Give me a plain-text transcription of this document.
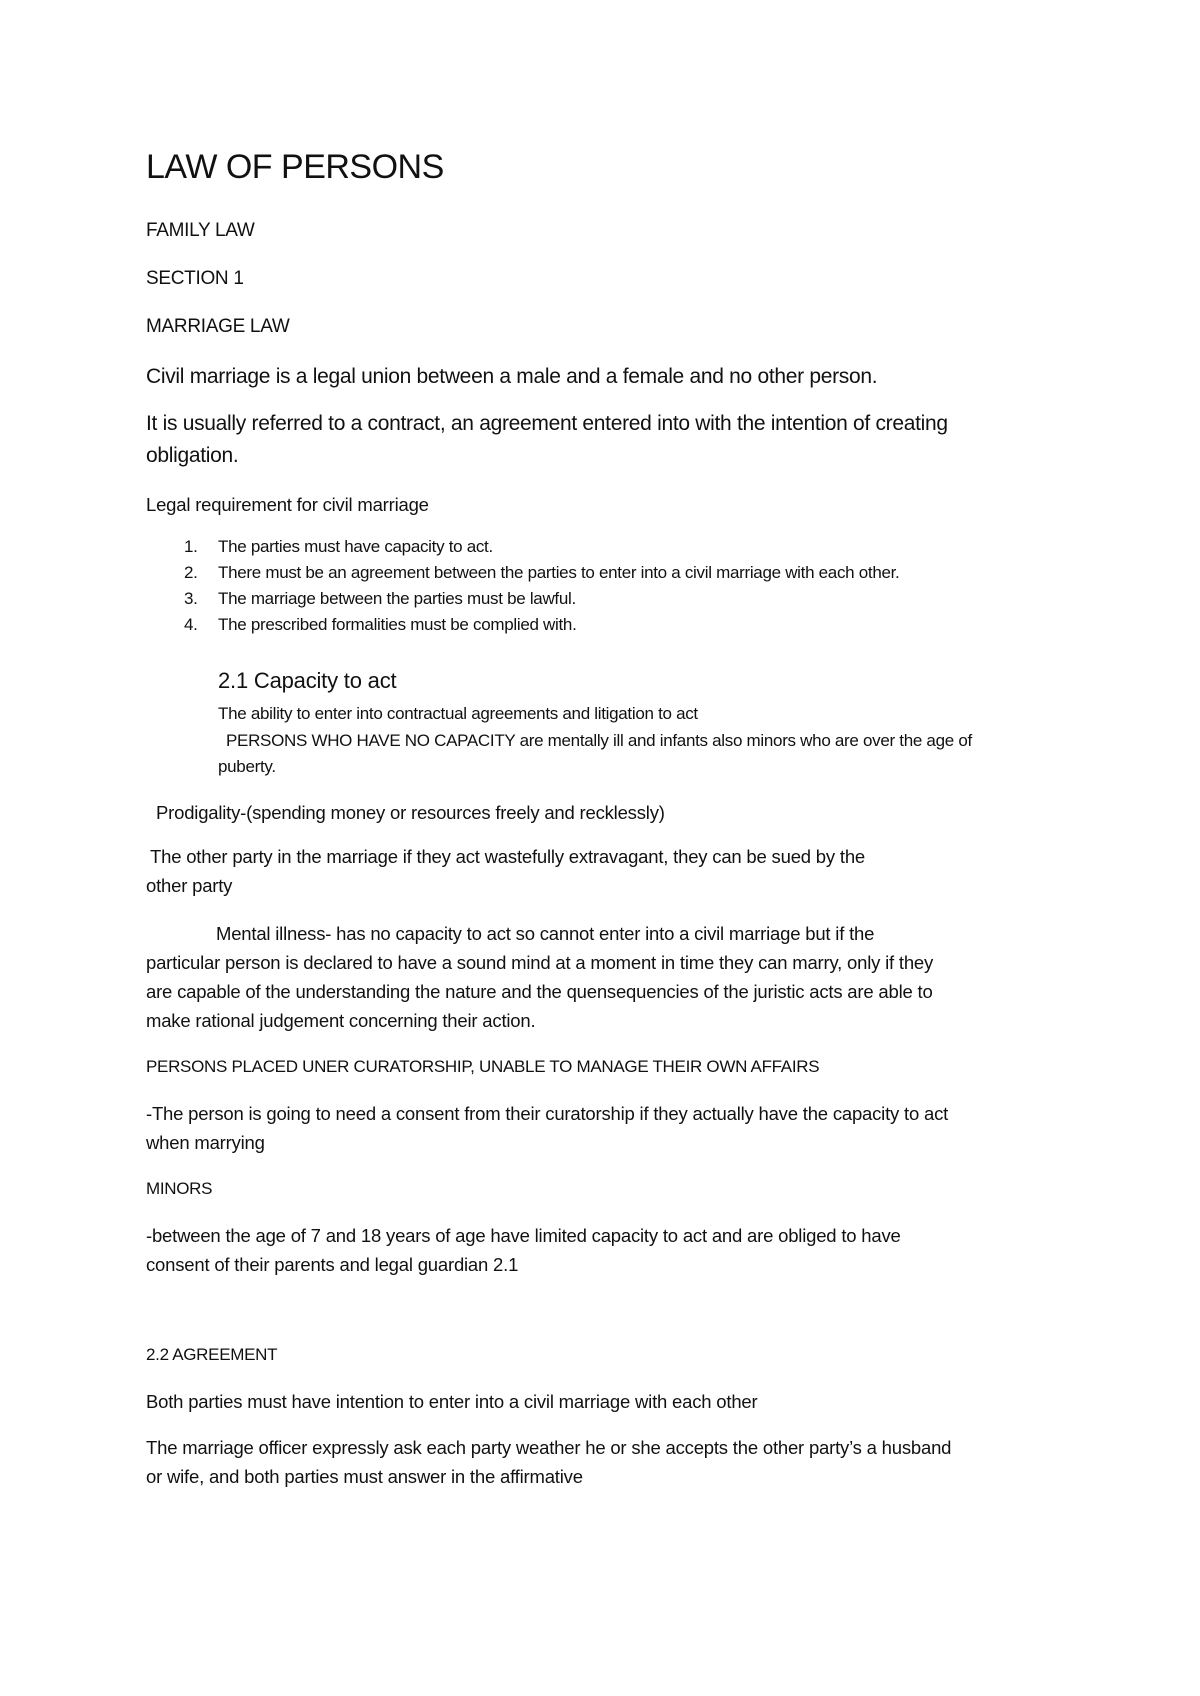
LAW OF PERSONS

FAMILY LAW

SECTION 1

MARRIAGE LAW

Civil marriage is a legal union between a male and a female and no other person.

It is usually referred to a contract, an agreement entered into with the intention of creating

obligation.

Legal requirement for civil marriage

1. The parties must have capacity to act.
2. There must be an agreement between the parties to enter into a civil marriage with each other.
3. The marriage between the parties must be lawful.
4. The prescribed formalities must be complied with.

2.1 Capacity to act

The ability to enter into contractual agreements and litigation to act

PERSONS WHO HAVE NO CAPACITY are mentally ill and infants also minors who are over the age of

puberty.

Prodigality-(spending money or resources freely and recklessly)

The other party in the marriage if they act wastefully extravagant, they can be sued by the

other party

Mental illness- has no capacity to act so cannot enter into a civil marriage but if the

particular person is declared to have a sound mind at a moment in time they can marry, only if they

are capable of the understanding the nature and the quensequencies of the juristic acts are able to

make rational judgement concerning their action.

PERSONS PLACED UNER CURATORSHIP, UNABLE TO MANAGE THEIR OWN AFFAIRS

-The person is going to need a consent from their curatorship if they actually have the capacity to act

when marrying

MINORS

-between the age of 7 and 18 years of age have limited capacity to act and are obliged to have

consent of their parents and legal guardian 2.1

2.2 AGREEMENT

Both parties must have intention to enter into a civil marriage with each other

The marriage officer expressly ask each party weather he or she accepts the other party’s a husband

or wife, and both parties must answer in the affirmative
